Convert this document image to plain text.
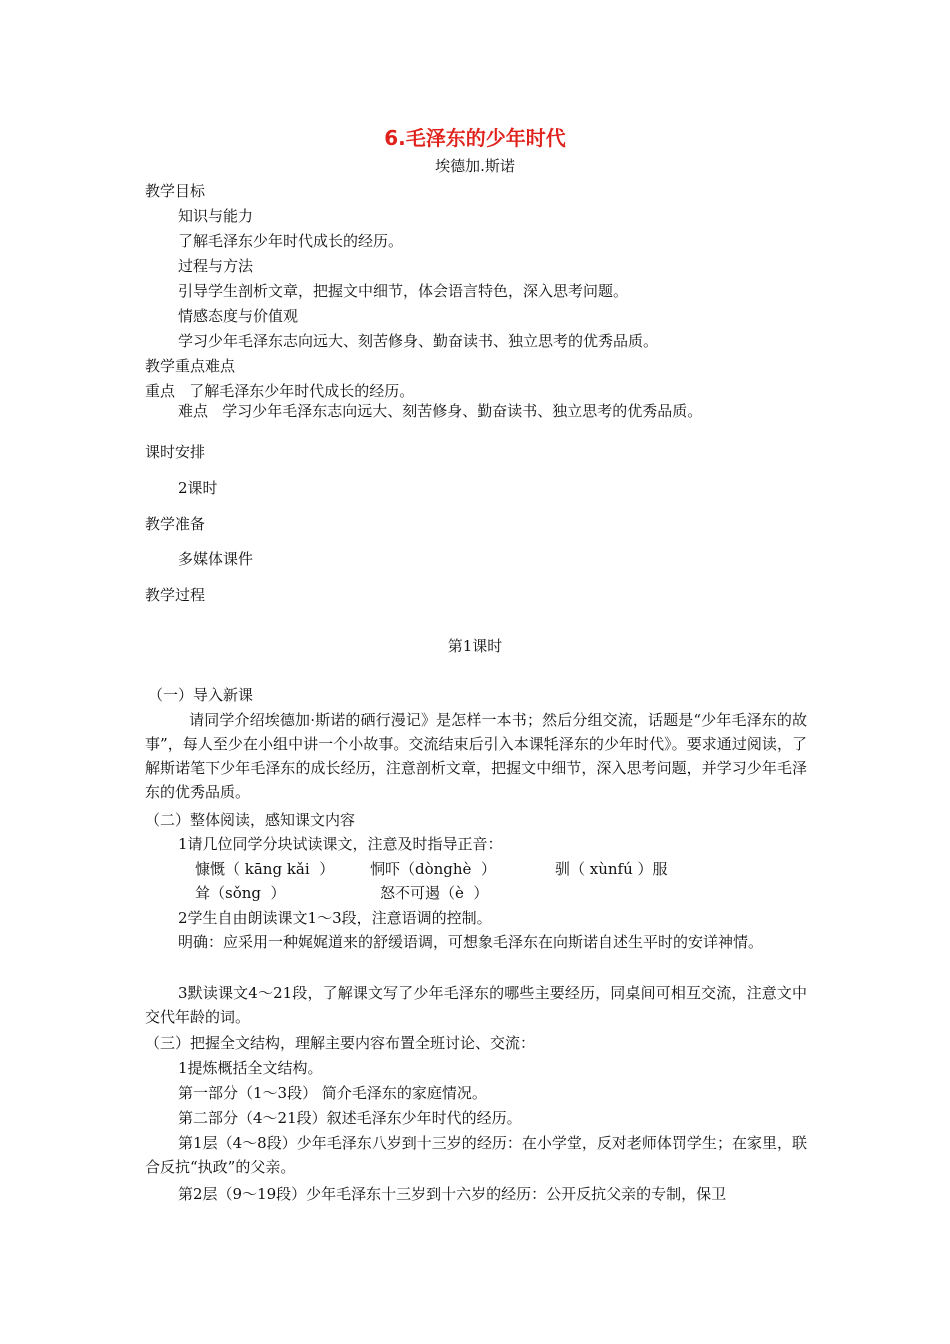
6.毛泽东的少年时代
埃德加.斯诺
教学目标
知识与能力
了解毛泽东少年时代成长的经历。
过程与方法
引导学生剖析文章，把握文中细节，体会语言特色，深入思考问题。
情感态度与价值观
学习少年毛泽东志向远大、刻苦修身、勤奋读书、独立思考的优秀品质。
教学重点难点
重点   了解毛泽东少年时代成长的经历。
难点   学习少年毛泽东志向远大、刻苦修身、勤奋读书、独立思考的优秀品质。
课时安排
2课时
教学准备
多媒体课件
教学过程
第1课时
（一）导入新课
请同学介绍埃德加·斯诺的硒行漫记》是怎样一本书；然后分组交流，话题是“少年毛泽东的故事”，每人至少在小组中讲一个小故事。交流结束后引入本课牦泽东的少年时代》。要求通过阅读，了解斯诺笔下少年毛泽东的成长经历，注意剖析文章，把握文中细节，深入思考问题，并学习少年毛泽东的优秀品质。
（二）整体阅读，感知课文内容
1请几位同学分块试读课文，注意及时指导正音：
慷慨（ kāng kǎi  ） 恫吓（dònghè  ）	驯（ xùnfú ）服
耸（sǒng  ）	怒不可遏（è  ）
2学生自由朗读课文1～3段，注意语调的控制。
明确：应采用一种娓娓道来的舒缓语调，可想象毛泽东在向斯诺自述生平时的安详神情。
3默读课文4～21段，了解课文写了少年毛泽东的哪些主要经历，同桌间可相互交流，注意文中交代年龄的词。
（三）把握全文结构，理解主要内容布置全班讨论、交流：
1提炼概括全文结构。
第一部分（1～3段） 简介毛泽东的家庭情况。
第二部分（4～21段）叙述毛泽东少年时代的经历。
第1层（4～8段）少年毛泽东八岁到十三岁的经历：在小学堂，反对老师体罚学生；在家里，联合反抗“执政”的父亲。
第2层（9～19段）少年毛泽东十三岁到十六岁的经历：公开反抗父亲的专制，保卫
